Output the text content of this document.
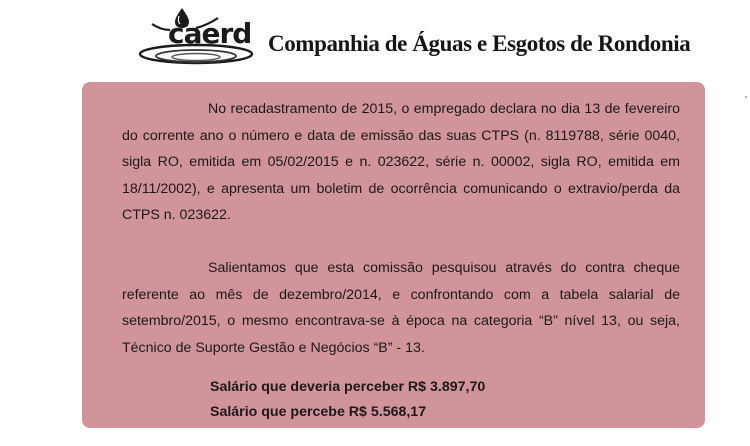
caerd Companhia de Águas e Esgotos de Rondonia

No recadastramento de 2015, o empregado declara no dia 13 de fevereiro do corrente ano o número e data de emissão das suas CTPS (n. 8119788, série 0040, sigla RO, emitida em 05/02/2015 e n. 023622, série n. 00002, sigla RO, emitida em 18/11/2002), e apresenta um boletim de ocorrência comunicando o extravio/perda da CTPS n. 023622.

Salientamos que esta comissão pesquisou através do contra cheque referente ao mês de dezembro/2014, e confrontando com a tabela salarial de setembro/2015, o mesmo encontrava-se à época na categoria “B” nível 13, ou seja, Técnico de Suporte Gestão e Negócios “B” - 13.

Salário que deveria perceber R$ 3.897,70
Salário que percebe R$ 5.568,17
